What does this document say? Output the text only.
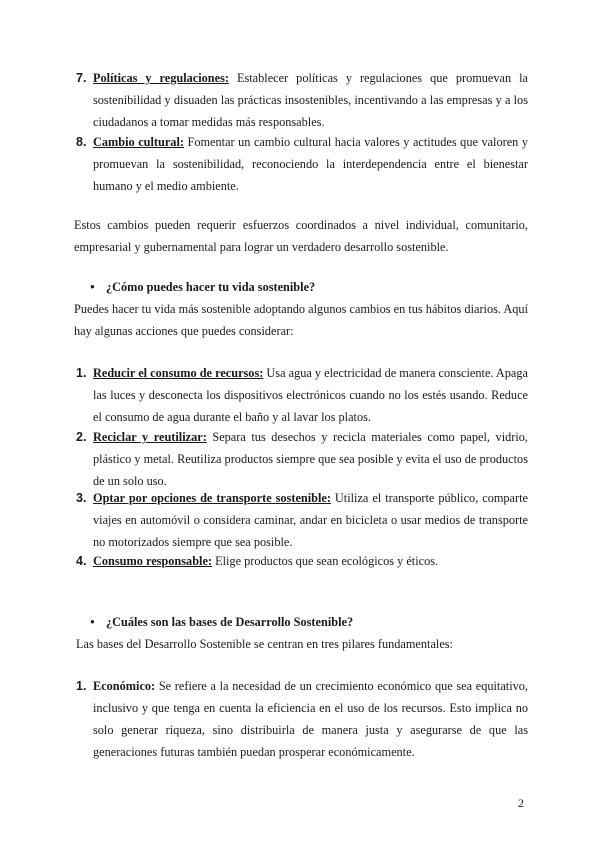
7. Políticas y regulaciones: Establecer políticas y regulaciones que promuevan la sostenibilidad y disuaden las prácticas insostenibles, incentivando a las empresas y a los ciudadanos a tomar medidas más responsables.
8. Cambio cultural: Fomentar un cambio cultural hacia valores y actitudes que valoren y promuevan la sostenibilidad, reconociendo la interdependencia entre el bienestar humano y el medio ambiente.
Estos cambios pueden requerir esfuerzos coordinados a nivel individual, comunitario, empresarial y gubernamental para lograr un verdadero desarrollo sostenible.
● ¿Cómo puedes hacer tu vida sostenible?
Puedes hacer tu vida más sostenible adoptando algunos cambios en tus hábitos diarios. Aquí hay algunas acciones que puedes considerar:
1. Reducir el consumo de recursos: Usa agua y electricidad de manera consciente. Apaga las luces y desconecta los dispositivos electrónicos cuando no los estés usando. Reduce el consumo de agua durante el baño y al lavar los platos.
2. Reciclar y reutilizar: Separa tus desechos y recicla materiales como papel, vidrio, plástico y metal. Reutiliza productos siempre que sea posible y evita el uso de productos de un solo uso.
3. Optar por opciones de transporte sostenible: Utiliza el transporte público, comparte viajes en automóvil o considera caminar, andar en bicicleta o usar medios de transporte no motorizados siempre que sea posible.
4. Consumo responsable: Elige productos que sean ecológicos y éticos.
● ¿Cuáles son las bases de Desarrollo Sostenible?
Las bases del Desarrollo Sostenible se centran en tres pilares fundamentales:
1. Económico: Se refiere a la necesidad de un crecimiento económico que sea equitativo, inclusivo y que tenga en cuenta la eficiencia en el uso de los recursos. Esto implica no solo generar riqueza, sino distribuirla de manera justa y asegurarse de que las generaciones futuras también puedan prosperar económicamente.
2
